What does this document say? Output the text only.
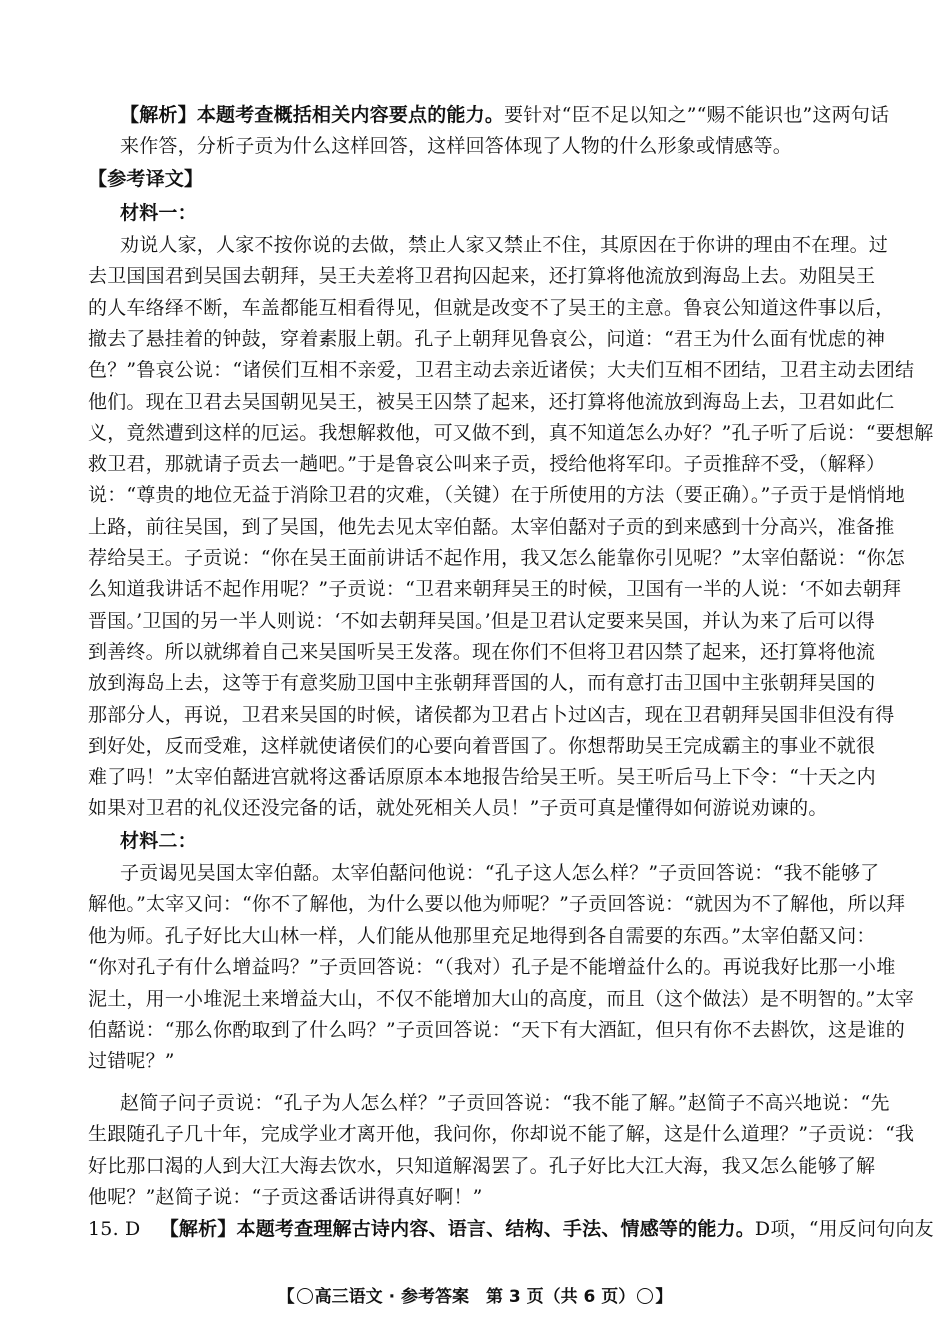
【解析】本题考查概括相关内容要点的能力。要针对“臣不足以知之”“赐不能识也”这两句话
来作答，分析子贡为什么这样回答，这样回答体现了人物的什么形象或情感等。
【参考译文】
材料一：
劝说人家，人家不按你说的去做，禁止人家又禁止不住，其原因在于你讲的理由不在理。过
去卫国国君到吴国去朝拜，吴王夫差将卫君拘囚起来，还打算将他流放到海岛上去。劝阻吴王
的人车络绎不断，车盖都能互相看得见，但就是改变不了吴王的主意。鲁哀公知道这件事以后，
撤去了悬挂着的钟鼓，穿着素服上朝。孔子上朝拜见鲁哀公，问道：“君王为什么面有忧虑的神
色？”鲁哀公说：“诸侯们互相不亲爱，卫君主动去亲近诸侯；大夫们互相不团结，卫君主动去团结
他们。现在卫君去吴国朝见吴王，被吴王囚禁了起来，还打算将他流放到海岛上去，卫君如此仁
义，竟然遭到这样的厄运。我想解救他，可又做不到，真不知道怎么办好？”孔子听了后说：“要想解
救卫君，那就请子贡去一趟吧。”于是鲁哀公叫来子贡，授给他将军印。子贡推辞不受，（解释）
说：“尊贵的地位无益于消除卫君的灾难，（关键）在于所使用的方法（要正确）。”子贡于是悄悄地
上路，前往吴国，到了吴国，他先去见太宰伯嚭。太宰伯嚭对子贡的到来感到十分高兴，准备推
荐给吴王。子贡说：“你在吴王面前讲话不起作用，我又怎么能靠你引见呢？”太宰伯嚭说：“你怎
么知道我讲话不起作用呢？”子贡说：“卫君来朝拜吴王的时候，卫国有一半的人说：‘不如去朝拜
晋国。’卫国的另一半人则说：‘不如去朝拜吴国。’但是卫君认定要来吴国，并认为来了后可以得
到善终。所以就绑着自己来吴国听吴王发落。现在你们不但将卫君囚禁了起来，还打算将他流
放到海岛上去，这等于有意奖励卫国中主张朝拜晋国的人，而有意打击卫国中主张朝拜吴国的
那部分人，再说，卫君来吴国的时候，诸侯都为卫君占卜过凶吉，现在卫君朝拜吴国非但没有得
到好处，反而受难，这样就使诸侯们的心要向着晋国了。你想帮助吴王完成霸主的事业不就很
难了吗！”太宰伯嚭进宫就将这番话原原本本地报告给吴王听。吴王听后马上下令：“十天之内
如果对卫君的礼仪还没完备的话，就处死相关人员！”子贡可真是懂得如何游说劝谏的。
材料二：
子贡谒见吴国太宰伯嚭。太宰伯嚭问他说：“孔子这人怎么样？”子贡回答说：“我不能够了
解他。”太宰又问：“你不了解他，为什么要以他为师呢？”子贡回答说：“就因为不了解他，所以拜
他为师。孔子好比大山林一样，人们能从他那里充足地得到各自需要的东西。”太宰伯嚭又问：
“你对孔子有什么增益吗？”子贡回答说：“（我对）孔子是不能增益什么的。再说我好比那一小堆
泥土，用一小堆泥土来增益大山，不仅不能增加大山的高度，而且（这个做法）是不明智的。”太宰
伯嚭说：“那么你酌取到了什么吗？”子贡回答说：“天下有大酒缸，但只有你不去斟饮，这是谁的
过错呢？”
赵简子问子贡说：“孔子为人怎么样？”子贡回答说：“我不能了解。”赵简子不高兴地说：“先
生跟随孔子几十年，完成学业才离开他，我问你，你却说不能了解，这是什么道理？”子贡说：“我
好比那口渴的人到大江大海去饮水，只知道解渴罢了。孔子好比大江大海，我又怎么能够了解
他呢？”赵简子说：“子贡这番话讲得真好啊！”
15. D  【解析】本题考查理解古诗内容、语言、结构、手法、情感等的能力。D项，“用反问句向友
【 高三语文 · 参考答案　第 3 页（共 6 页） 】
